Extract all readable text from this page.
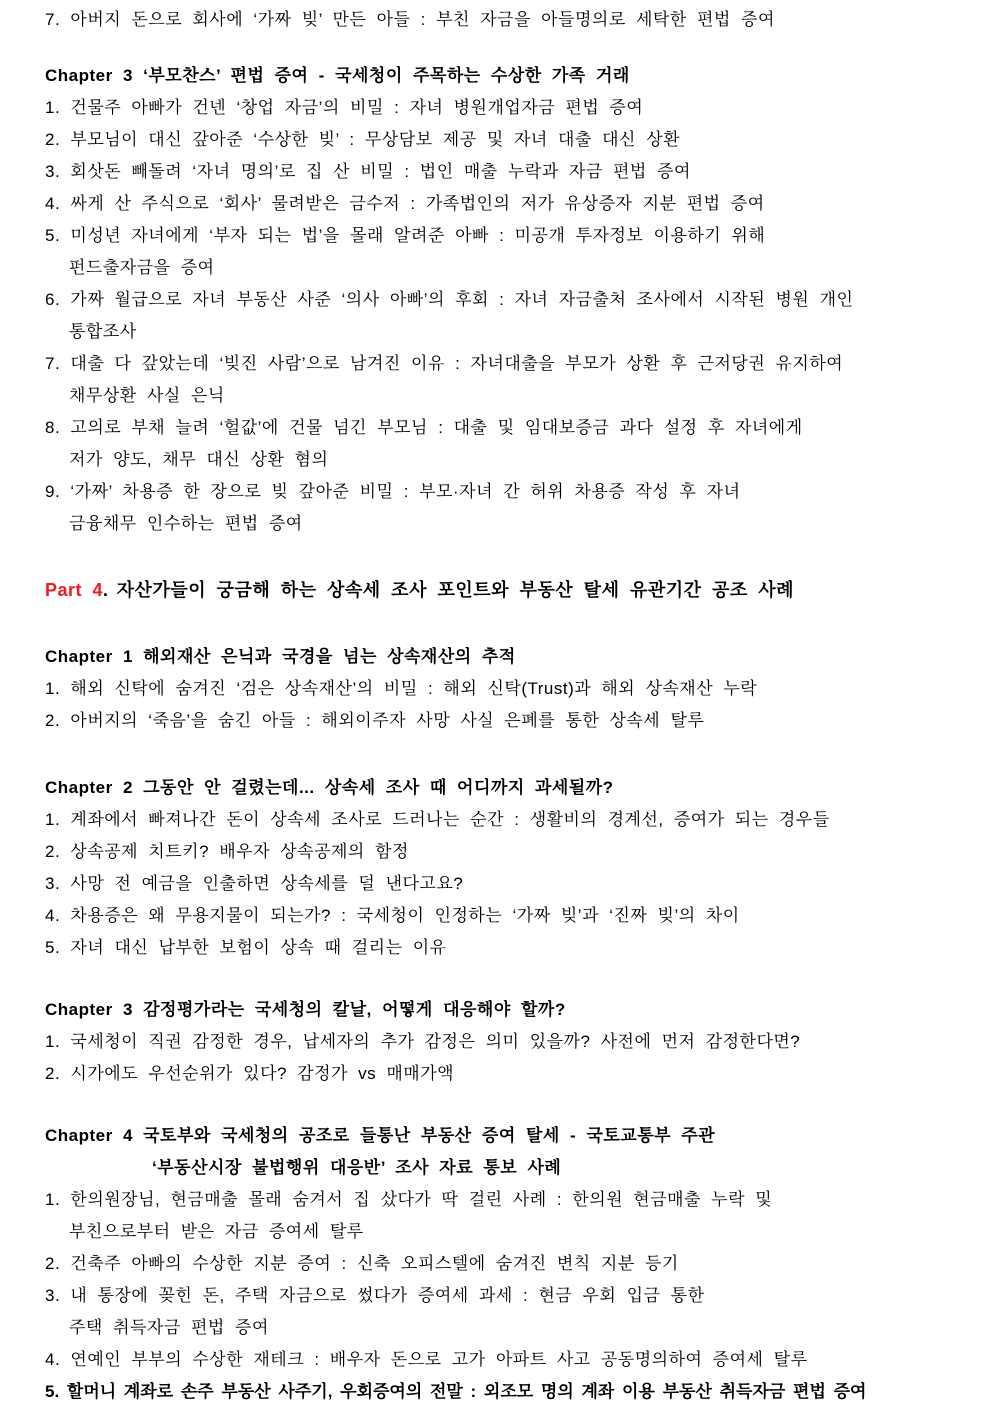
7. 아버지 돈으로 회사에 ‘가짜 빚’ 만든 아들 : 부친 자금을 아들명의로 세탁한 편법 증여
Chapter 3 ‘부모찬스’ 편법 증여 - 국세청이 주목하는 수상한 가족 거래
1. 건물주 아빠가 건넨 ‘창업 자금’의 비밀 : 자녀 병원개업자금 편법 증여
2. 부모님이 대신 갚아준 ‘수상한 빚’ : 무상담보 제공 및 자녀 대출 대신 상환
3. 회삿돈 빼돌려 ‘자녀 명의’로 집 산 비밀 : 법인 매출 누락과 자금 편법 증여
4. 싸게 산 주식으로 ‘회사’ 물려받은 금수저 : 가족법인의 저가 유상증자 지분 편법 증여
5. 미성년 자녀에게 ‘부자 되는 법’을 몰래 알려준 아빠 : 미공개 투자정보 이용하기 위해
펀드출자금을 증여
6. 가짜 월급으로 자녀 부동산 사준 ‘의사 아빠’의 후회 : 자녀 자금출처 조사에서 시작된 병원 개인
통합조사
7. 대출 다 갚았는데 ‘빚진 사람’으로 남겨진 이유 : 자녀대출을 부모가 상환 후 근저당권 유지하여
채무상환 사실 은닉
8. 고의로 부채 늘려 ‘헐값’에 건물 넘긴 부모님 : 대출 및 임대보증금 과다 설정 후 자녀에게
저가 양도, 채무 대신 상환 혐의
9. ‘가짜’ 차용증 한 장으로 빚 갚아준 비밀 : 부모·자녀 간 허위 차용증 작성 후 자녀
금융채무 인수하는 편법 증여
Part 4. 자산가들이 궁금해 하는 상속세 조사 포인트와 부동산 탈세 유관기간 공조 사례
Chapter 1 해외재산 은닉과 국경을 넘는 상속재산의 추적
1. 해외 신탁에 숨겨진 ‘검은 상속재산’의 비밀 : 해외 신탁(Trust)과 해외 상속재산 누락
2. 아버지의 ‘죽음’을 숨긴 아들 : 해외이주자 사망 사실 은폐를 통한 상속세 탈루
Chapter 2 그동안 안 걸렸는데... 상속세 조사 때 어디까지 과세될까?
1. 계좌에서 빠져나간 돈이 상속세 조사로 드러나는 순간 : 생활비의 경계선, 증여가 되는 경우들
2. 상속공제 치트키? 배우자 상속공제의 함정
3. 사망 전 예금을 인출하면 상속세를 덜 낸다고요?
4. 차용증은 왜 무용지물이 되는가? : 국세청이 인정하는 ‘가짜 빚’과 ‘진짜 빚’의 차이
5. 자녀 대신 납부한 보험이 상속 때 걸리는 이유
Chapter 3 감정평가라는 국세청의 칼날, 어떻게 대응해야 할까?
1. 국세청이 직권 감정한 경우, 납세자의 추가 감정은 의미 있을까? 사전에 먼저 감정한다면?
2. 시가에도 우선순위가 있다? 감정가 vs 매매가액
Chapter 4 국토부와 국세청의 공조로 들통난 부동산 증여 탈세 - 국토교통부 주관
‘부동산시장 불법행위 대응반’ 조사 자료 통보 사례
1. 한의원장님, 현금매출 몰래 숨겨서 집 샀다가 딱 걸린 사례 : 한의원 현금매출 누락 및
부친으로부터 받은 자금 증여세 탈루
2. 건축주 아빠의 수상한 지분 증여 : 신축 오피스텔에 숨겨진 변칙 지분 등기
3. 내 통장에 꽂힌 돈, 주택 자금으로 썼다가 증여세 과세 : 현금 우회 입금 통한
주택 취득자금 편법 증여
4. 연예인 부부의 수상한 재테크 : 배우자 돈으로 고가 아파트 사고 공동명의하여 증여세 탈루
5. 할머니 계좌로 손주 부동산 사주기, 우회증여의 전말 : 외조모 명의 계좌 이용 부동산 취득자금 편법 증여
